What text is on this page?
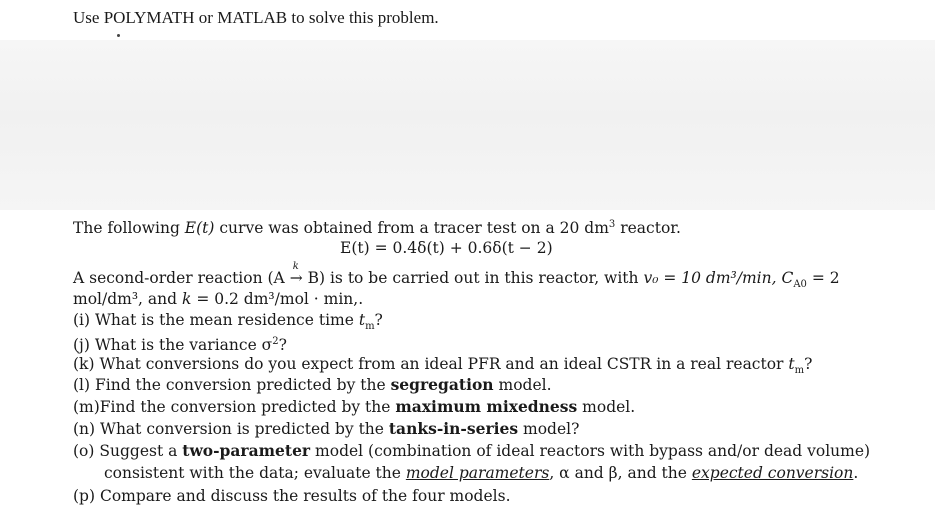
Use POLYMATH or MATLAB to solve this problem.
The following E(t) curve was obtained from a tracer test on a 20 $dm^3$ reactor.
E(t) = 0.4δ(t) + 0.6δ(t − 2)
A second-order reaction (A
k
→ B) is to be carried out in this reactor, with v₀ = 10 dm³/min, $C_{A0} = 2$
mol/dm³, and k = 0.2 dm³/mol · min,.
(i) What is the mean residence time $t_m$?
(j) What is the variance $\sigma^2$?
(k) What conversions do you expect from an ideal PFR and an ideal CSTR in a real reactor $t_m$?
(l) Find the conversion predicted by the segregation model.
(m)Find the conversion predicted by the maximum mixedness model.
(n) What conversion is predicted by the tanks-in-series model?
(o) Suggest a two-parameter model (combination of ideal reactors with bypass and/or dead volume)
consistent with the data; evaluate the model parameters, α and β, and the expected conversion.
(p) Compare and discuss the results of the four models.
